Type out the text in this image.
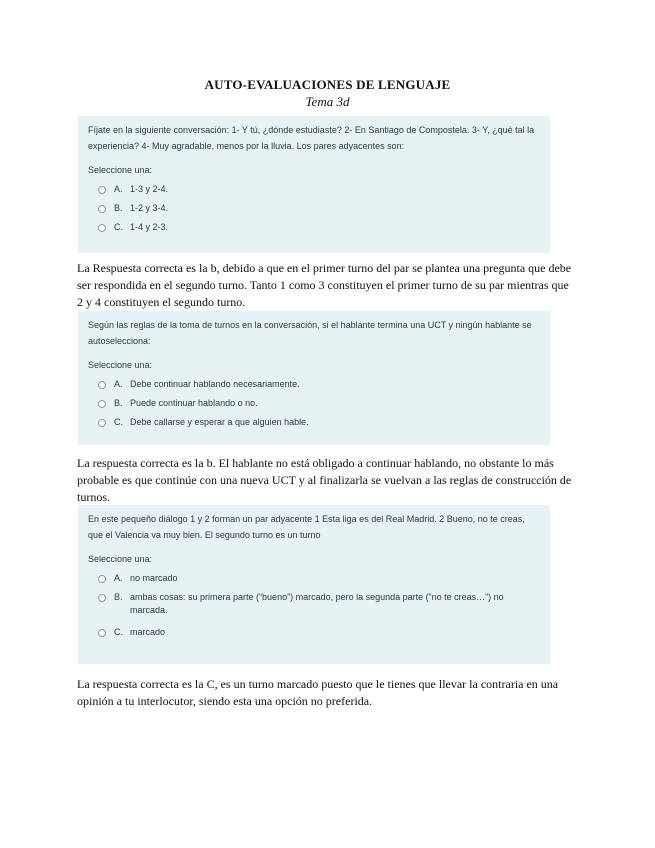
AUTO-EVALUACIONES DE LENGUAJE
Tema 3d
Fíjate en la siguiente conversación: 1- Y tú, ¿dónde estudiaste? 2- En Santiago de Compostela. 3- Y, ¿qué tal la experiencia? 4- Muy agradable, menos por la lluvia. Los pares adyacentes son:
Seleccione una:
A. 1-3 y 2-4.
B. 1-2 y 3-4.
C. 1-4 y 2-3.
La Respuesta correcta es la b, debido a que en el primer turno del par se plantea una pregunta que debe ser respondida en el segundo turno. Tanto 1 como 3 constituyen el primer turno de su par mientras que 2 y 4 constituyen el segundo turno.
Según las reglas de la toma de turnos en la conversación, si el hablante termina una UCT y ningún hablante se autoselecciona:
Seleccione una:
A. Debe continuar hablando necesariamente.
B. Puede continuar hablando o no.
C. Debe callarse y esperar a que alguien hable.
La respuesta correcta es la b. El hablante no está obligado a continuar hablando, no obstante lo más probable es que continúe con una nueva UCT y al finalizarla se vuelvan a las reglas de construcción de turnos.
En este pequeño diálogo 1 y 2 forman un par adyacente 1 Esta liga es del Real Madrid. 2 Bueno, no te creas, que el Valencia va muy bien. El segundo turno es un turno
Seleccione una:
A. no marcado
B. ambas cosas: su primera parte (“bueno”) marcado, pero la segunda parte (“no te creas…”) no marcada.
C. marcado
La respuesta correcta es la C, es un turno marcado puesto que le tienes que llevar la contraria en una opinión a tu interlocutor, siendo esta una opción no preferida.
